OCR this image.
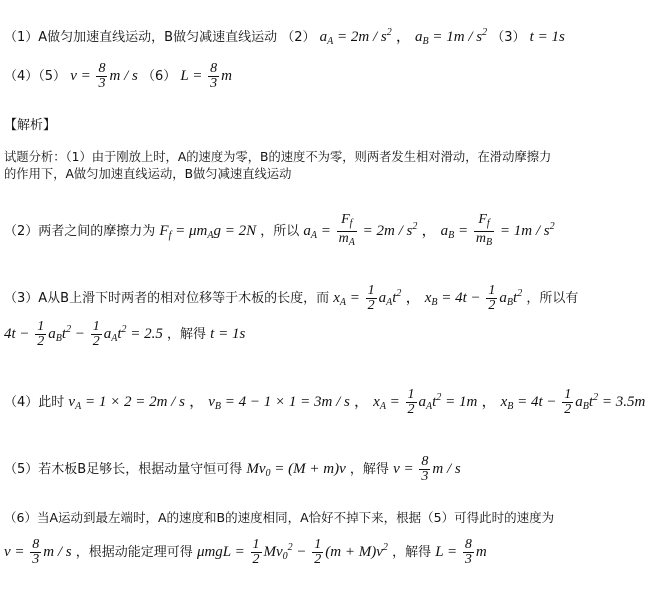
（1）A做匀加速直线运动，B做匀减速直线运动 （2） $a_A = 2m / s^2$ ， $a_B = 1m / s^2$ （3） t = 1s
（4）（5） $v = \frac{8}{3}$ m / s （6） $L = \frac{8}{3}$ m
【解析】
试题分析：（1）由于刚放上时，A的速度为零，B的速度不为零，则两者发生相对滑动，在滑动摩擦力
的作用下，A做匀加速直线运动，B做匀减速直线运动
（2）两者之间的摩擦力为 $F_f = \mu m_Ag = 2N$ ，所以 $a_A = \frac{F_f}{m_A} = 2m / s^2$ ， $a_B = \frac{F_f}{m_B} = 1m / s^2$
（3）A从B上滑下时两者的相对位移等于木板的长度，而 $x_A = \frac{1}{2} a_At^2$ ， $x_B = 4t - \frac{1}{2} a_Bt^2$ ，所以有
$4t - \frac{1}{2} a_Bt^2 - \frac{1}{2} a_At^2 = 2.5$ ，解得 t = 1s
（4）此时 $v_A = 1 \times 2 = 2m / s$ ， $v_B = 4 - 1 \times 1 = 3m / s$ ， $x_A = \frac{1}{2} a_At^2 = 1m$ ， $x_B = 4t - \frac{1}{2} a_Bt^2 = 3.5m$
（5）若木板B足够长，根据动量守恒可得 $Mv_0 = (M + m)v$ ，解得 $v = \frac{8}{3}$ m / s
（6）当A运动到最左端时，A的速度和B的速度相同，A恰好不掉下来，根据（5）可得此时的速度为
$v = \frac{8}{3}$ m / s ，根据动能定理可得 $\mu mgL = \frac{1}{2} Mv_0^2 - \frac{1}{2} (m + M)v^2$ ，解得 $L = \frac{8}{3}$ m
